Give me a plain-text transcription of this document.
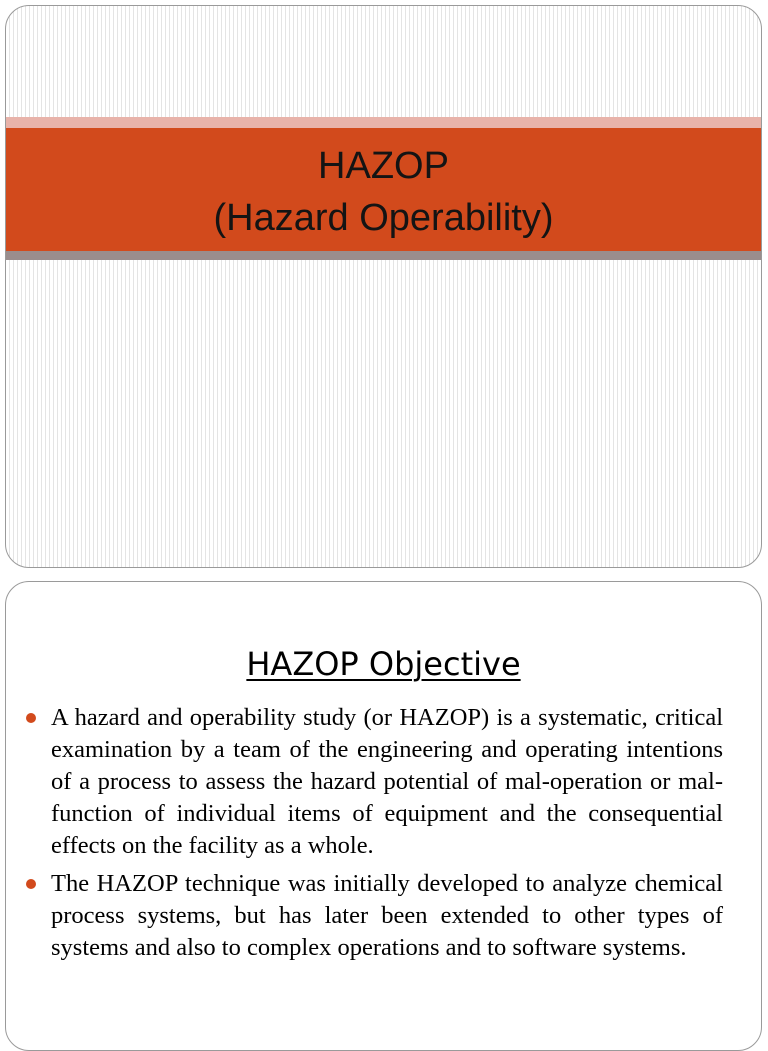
HAZOP
(Hazard Operability)
HAZOP Objective
A hazard and operability study (or HAZOP) is a systematic, critical examination by a team of the engineering and operating intentions of a process to assess the hazard potential of mal-operation or mal-function of individual items of equipment and the consequential effects on the facility as a whole.
The HAZOP technique was initially developed to analyze chemical process systems, but has later been extended to other types of systems and also to complex operations and to software systems.
